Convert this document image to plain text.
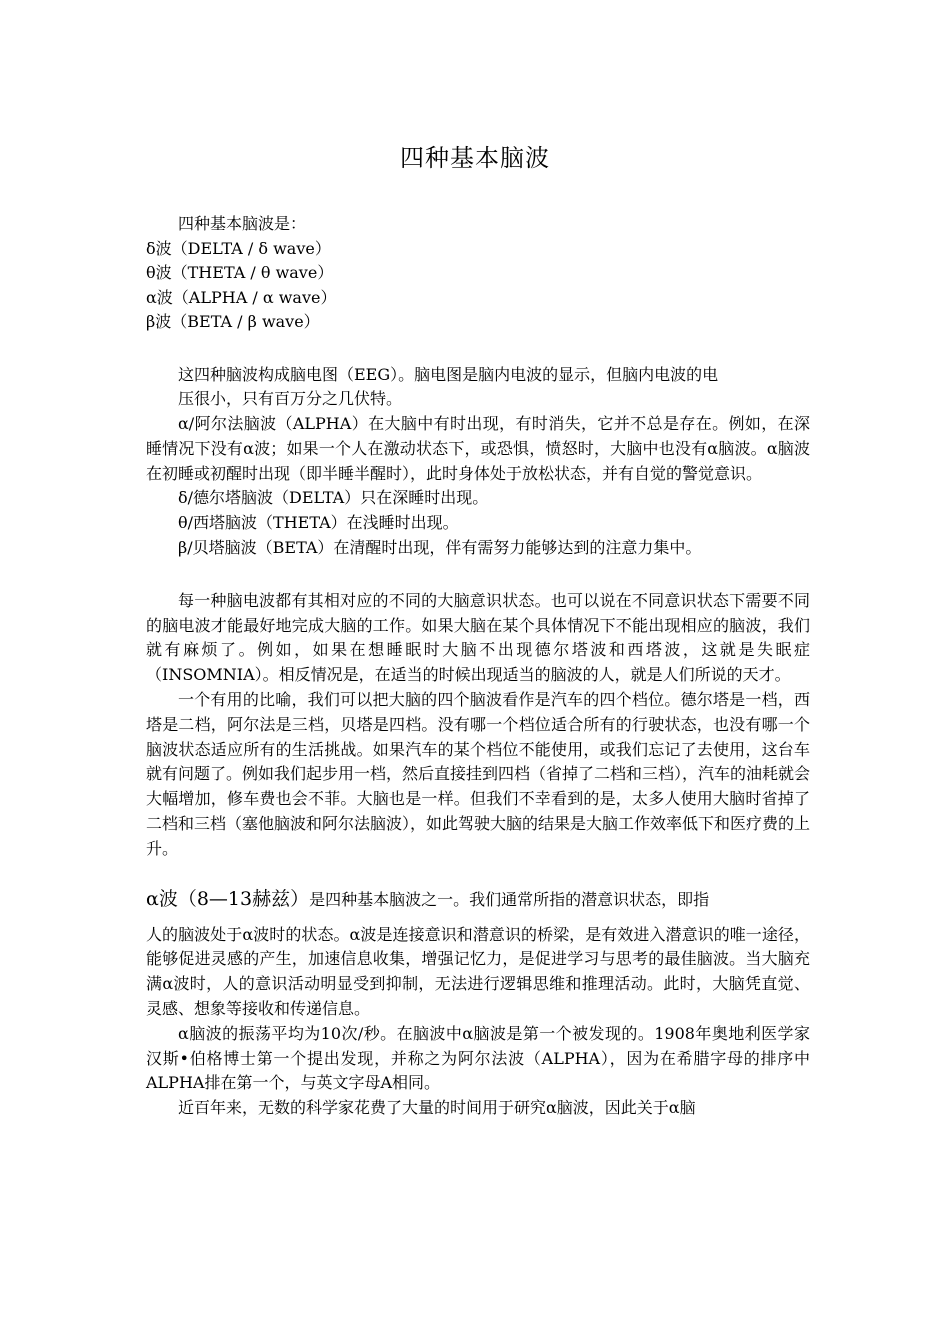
四种基本脑波
四种基本脑波是：
δ波（DELTA / δ wave）
θ波（THETA / θ wave）
α波（ALPHA / α wave）
β波（BETA / β wave）

这四种脑波构成脑电图（EEG）。脑电图是脑内电波的显示，但脑内电波的电

压很小，只有百万分之几伏特。

α/阿尔法脑波（ALPHA）在大脑中有时出现，有时消失，它并不总是存在。例如，在深睡情况下没有α波；如果一个人在激动状态下，或恐惧，愤怒时，大脑中也没有α脑波。α脑波在初睡或初醒时出现（即半睡半醒时），此时身体处于放松状态，并有自觉的警觉意识。

δ/德尔塔脑波（DELTA）只在深睡时出现。

θ/西塔脑波（THETA）在浅睡时出现。

β/贝塔脑波（BETA）在清醒时出现，伴有需努力能够达到的注意力集中。

每一种脑电波都有其相对应的不同的大脑意识状态。也可以说在不同意识状态下需要不同的脑电波才能最好地完成大脑的工作。如果大脑在某个具体情况下不能出现相应的脑波，我们就有麻烦了。例如，如果在想睡眠时大脑不出现德尔塔波和西塔波，这就是失眠症（INSOMNIA）。相反情况是，在适当的时候出现适当的脑波的人，就是人们所说的天才。

一个有用的比喻，我们可以把大脑的四个脑波看作是汽车的四个档位。德尔塔是一档，西塔是二档，阿尔法是三档，贝塔是四档。没有哪一个档位适合所有的行驶状态，也没有哪一个脑波状态适应所有的生活挑战。如果汽车的某个档位不能使用，或我们忘记了去使用，这台车就有问题了。例如我们起步用一档，然后直接挂到四档（省掉了二档和三档），汽车的油耗就会大幅增加，修车费也会不菲。大脑也是一样。但我们不幸看到的是，太多人使用大脑时省掉了二档和三档（塞他脑波和阿尔法脑波），如此驾驶大脑的结果是大脑工作效率低下和医疗费的上升。

α波（8—13赫兹）是四种基本脑波之一。我们通常所指的潜意识状态，即指

人的脑波处于α波时的状态。α波是连接意识和潜意识的桥梁，是有效进入潜意识的唯一途径，能够促进灵感的产生，加速信息收集，增强记忆力，是促进学习与思考的最佳脑波。当大脑充满α波时，人的意识活动明显受到抑制，无法进行逻辑思维和推理活动。此时，大脑凭直觉、灵感、想象等接收和传递信息。

α脑波的振荡平均为10次/秒。在脑波中α脑波是第一个被发现的。1908年奥地利医学家汉斯•伯格博士第一个提出发现，并称之为阿尔法波（ALPHA），因为在希腊字母的排序中ALPHA排在第一个，与英文字母A相同。

近百年来，无数的科学家花费了大量的时间用于研究α脑波，因此关于α脑
